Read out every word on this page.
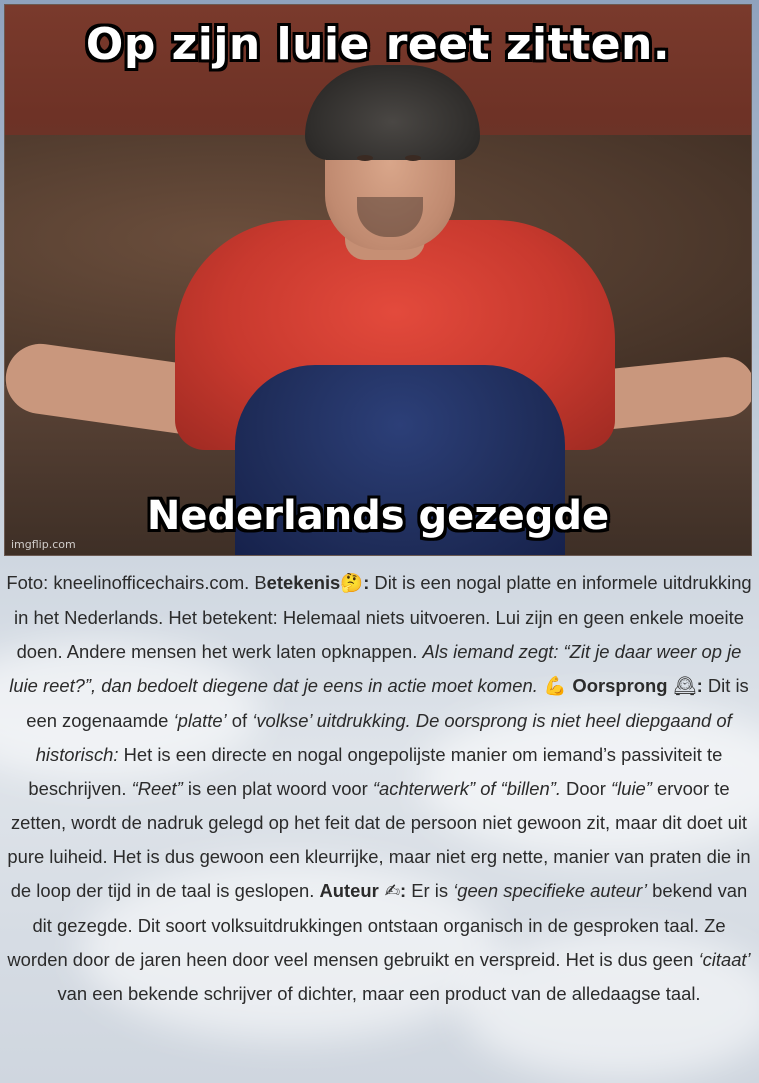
Op zijn luie reet zitten.
Nederlands gezegde
imgflip.com
Foto: kneelinofficechairs.com. Betekenis🤔: Dit is een nogal platte en informele uitdrukking in het Nederlands. Het betekent: Helemaal niets uitvoeren. Lui zijn en geen enkele moeite doen. Andere mensen het werk laten opknappen. Als iemand zegt: “Zit je daar weer op je luie reet?”, dan bedoelt diegene dat je eens in actie moet komen. 💪 Oorsprong 🕰: Dit is een zogenaamde ‘platte’ of ‘volkse’ uitdrukking. De oorsprong is niet heel diepgaand of historisch: Het is een directe en nogal ongepolijste manier om iemand’s passiviteit te beschrijven. “Reet” is een plat woord voor “achterwerk” of “billen”. Door “luie” ervoor te zetten, wordt de nadruk gelegd op het feit dat de persoon niet gewoon zit, maar dit doet uit pure luiheid. Het is dus gewoon een kleurrijke, maar niet erg nette, manier van praten die in de loop der tijd in de taal is geslopen. Auteur ✍: Er is ‘geen specifieke auteur’ bekend van dit gezegde. Dit soort volksuitdrukkingen ontstaan organisch in de gesproken taal. Ze worden door de jaren heen door veel mensen gebruikt en verspreid. Het is dus geen ‘citaat’ van een bekende schrijver of dichter, maar een product van de alledaagse taal.
